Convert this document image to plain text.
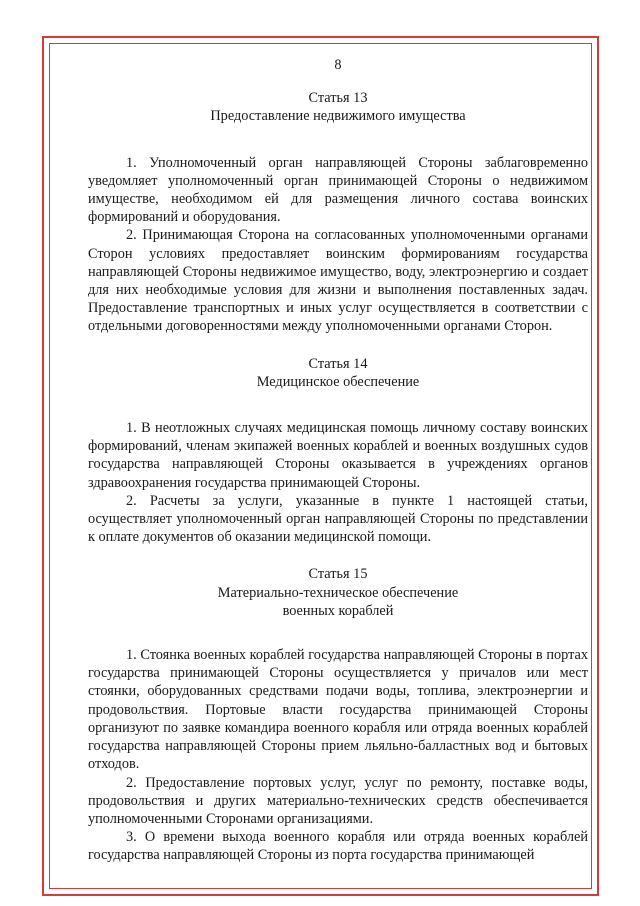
8
Статья 13
Предоставление недвижимого имущества

1. Уполномоченный орган направляющей Стороны заблаговременно уведомляет уполномоченный орган принимающей Стороны о недвижимом имуществе, необходимом ей для размещения личного состава воинских формирований и оборудования.

2. Принимающая Сторона на согласованных уполномоченными органами Сторон условиях предоставляет воинским формированиям государства направляющей Стороны недвижимое имущество, воду, электроэнергию и создает для них необходимые условия для жизни и выполнения поставленных задач. Предоставление транспортных и иных услуг осуществляется в соответствии с отдельными договоренностями между уполномоченными органами Сторон.

Статья 14
Медицинское обеспечение

1. В неотложных случаях медицинская помощь личному составу воинских формирований, членам экипажей военных кораблей и военных воздушных судов государства направляющей Стороны оказывается в учреждениях органов здравоохранения государства принимающей Стороны.

2. Расчеты за услуги, указанные в пункте 1 настоящей статьи, осуществляет уполномоченный орган направляющей Стороны по представлении к оплате документов об оказании медицинской помощи.

Статья 15
Материально-техническое обеспечение
военных кораблей

1. Стоянка военных кораблей государства направляющей Стороны в портах государства принимающей Стороны осуществляется у причалов или мест стоянки, оборудованных средствами подачи воды, топлива, электроэнергии и продовольствия. Портовые власти государства принимающей Стороны организуют по заявке командира военного корабля или отряда военных кораблей государства направляющей Стороны прием льяльно-балластных вод и бытовых отходов.

2. Предоставление портовых услуг, услуг по ремонту, поставке воды, продовольствия и других материально-технических средств обеспечивается уполномоченными Сторонами организациями.

3. О времени выхода военного корабля или отряда военных кораблей государства направляющей Стороны из порта государства принимающей
